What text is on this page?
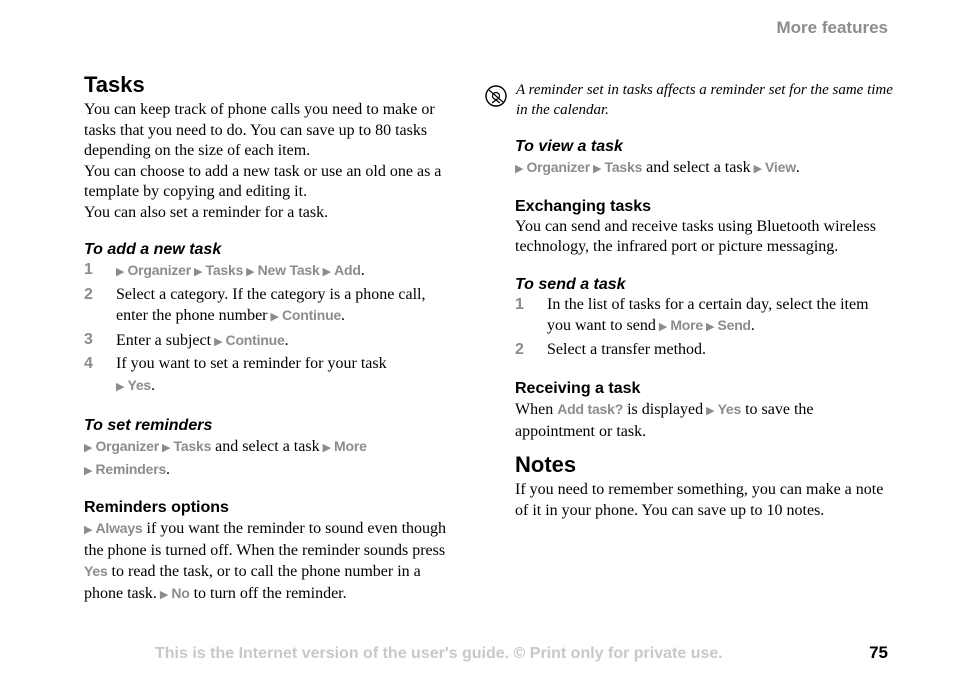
More features
Tasks

You can keep track of phone calls you need to make or tasks that you need to do. You can save up to 80 tasks depending on the size of each item.

You can choose to add a new task or use an old one as a template by copying and editing it.

You can also set a reminder for a task.

To add a new task
1	▶ Organizer ▶ Tasks ▶ New Task ▶ Add.
2	Select a category. If the category is a phone call, enter the phone number ▶ Continue.
3	Enter a subject ▶ Continue.
4	If you want to set a reminder for your task
▶ Yes.
To set reminders

▶ Organizer ▶ Tasks and select a task ▶ More
▶ Reminders.

Reminders options

▶ Always if you want the reminder to sound even though the phone is turned off. When the reminder sounds press Yes to read the task, or to call the phone number in a phone task. ▶ No to turn off the reminder.

A reminder set in tasks affects a reminder set for the same time in the calendar.

To view a task

▶ Organizer ▶ Tasks and select a task ▶ View.

Exchanging tasks

You can send and receive tasks using Bluetooth wireless technology, the infrared port or picture messaging.

To send a task
1	In the list of tasks for a certain day, select the item you want to send ▶ More ▶ Send.
2	Select a transfer method.
Receiving a task

When Add task? is displayed ▶ Yes to save the appointment or task.

Notes

If you need to remember something, you can make a note of it in your phone. You can save up to 10 notes.

This is the Internet version of the user's guide. © Print only for private use.	75
